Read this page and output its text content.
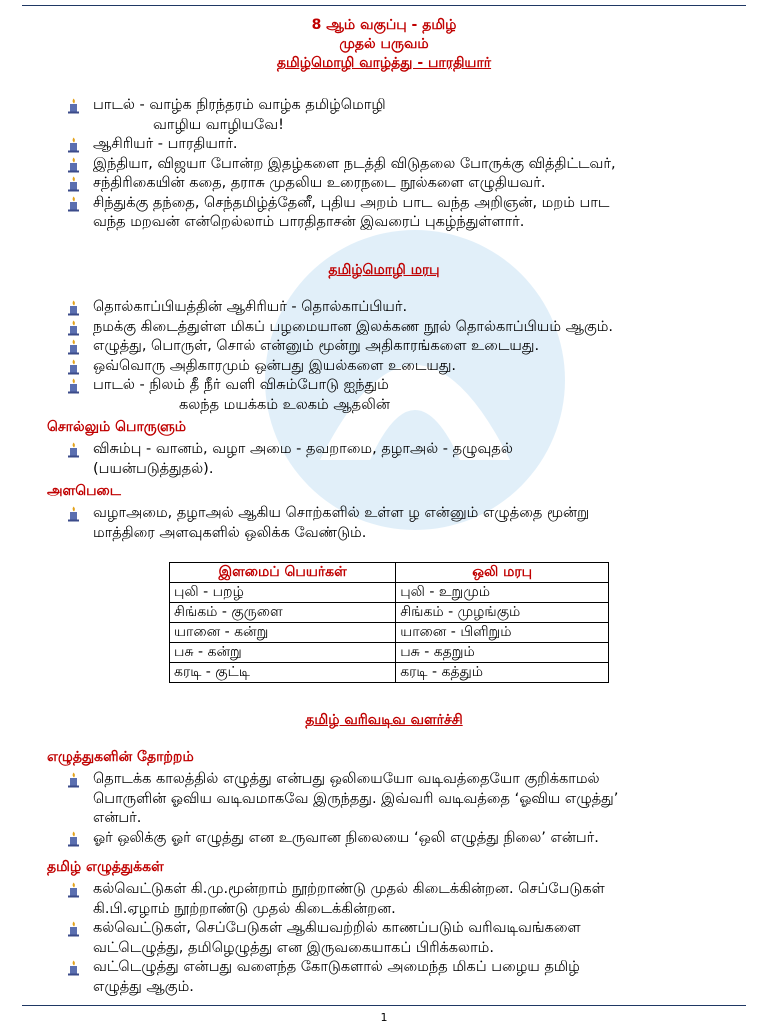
8 ஆம் வகுப்பு - தமிழ்
முதல் பருவம்
தமிழ்மொழி வாழ்த்து - பாரதியார்
பாடல் - வாழ்க நிரந்தரம் வாழ்க தமிழ்மொழி
வாழிய வாழியவே!
ஆசிரியர் - பாரதியார்.
இந்தியா, விஜயா போன்ற இதழ்களை நடத்தி விடுதலை போருக்கு வித்திட்டவர்,
சந்திரிகையின் கதை, தராசு முதலிய உரைநடை நூல்களை எழுதியவர்.
சிந்துக்கு தந்தை, செந்தமிழ்த்தேனீ, புதிய அறம் பாட வந்த அறிஞன், மறம் பாட
வந்த மறவன் என்றெல்லாம் பாரதிதாசன் இவரைப் புகழ்ந்துள்ளார்.
தமிழ்மொழி மரபு
தொல்காப்பியத்தின் ஆசிரியர் - தொல்காப்பியர்.
நமக்கு கிடைத்துள்ள மிகப் பழமையான இலக்கண நூல் தொல்காப்பியம் ஆகும்.
எழுத்து, பொருள், சொல் என்னும் மூன்று அதிகாரங்களை உடையது.
ஒவ்வொரு அதிகாரமும் ஒன்பது இயல்களை உடையது.
பாடல் - நிலம் தீ நீர் வளி விசும்போடு ஐந்தும்
கலந்த மயக்கம் உலகம் ஆதலின்
சொல்லும் பொருளும்
விசும்பு - வானம், வழா அமை - தவறாமை, தழாஅல் - தழுவுதல்
(பயன்படுத்துதல்).
அளபெடை
வழாஅமை, தழாஅல் ஆகிய சொற்களில் உள்ள ழ என்னும் எழுத்தை மூன்று
மாத்திரை அளவுகளில் ஒலிக்க வேண்டும்.
இளமைப் பெயர்கள்	ஒலி மரபு
புலி - பறழ்	புலி - உறுமும்
சிங்கம் - குருளை	சிங்கம் - முழங்கும்
யானை - கன்று	யானை - பிளிறும்
பசு - கன்று	பசு - கதறும்
கரடி - குட்டி	கரடி - கத்தும்
தமிழ் வரிவடிவ வளர்ச்சி
எழுத்துகளின் தோற்றம்
தொடக்க காலத்தில் எழுத்து என்பது ஒலியையோ வடிவத்தையோ குறிக்காமல்
பொருளின் ஓவிய வடிவமாகவே இருந்தது. இவ்வரி வடிவத்தை ‘ஓவிய எழுத்து’
என்பர்.
ஓர் ஒலிக்கு ஓர் எழுத்து என உருவான நிலையை ‘ஒலி எழுத்து நிலை’ என்பர்.
தமிழ் எழுத்துக்கள்
கல்வெட்டுகள் கி.மு.மூன்றாம் நூற்றாண்டு முதல் கிடைக்கின்றன. செப்பேடுகள்
கி.பி.ஏழாம் நூற்றாண்டு முதல் கிடைக்கின்றன.
கல்வெட்டுகள், செப்பேடுகள் ஆகியவற்றில் காணப்படும் வரிவடிவங்களை
வட்டெழுத்து, தமிழெழுத்து என இருவகையாகப் பிரிக்கலாம்.
வட்டெழுத்து என்பது வளைந்த கோடுகளால் அமைந்த மிகப் பழைய தமிழ்
எழுத்து ஆகும்.
1
